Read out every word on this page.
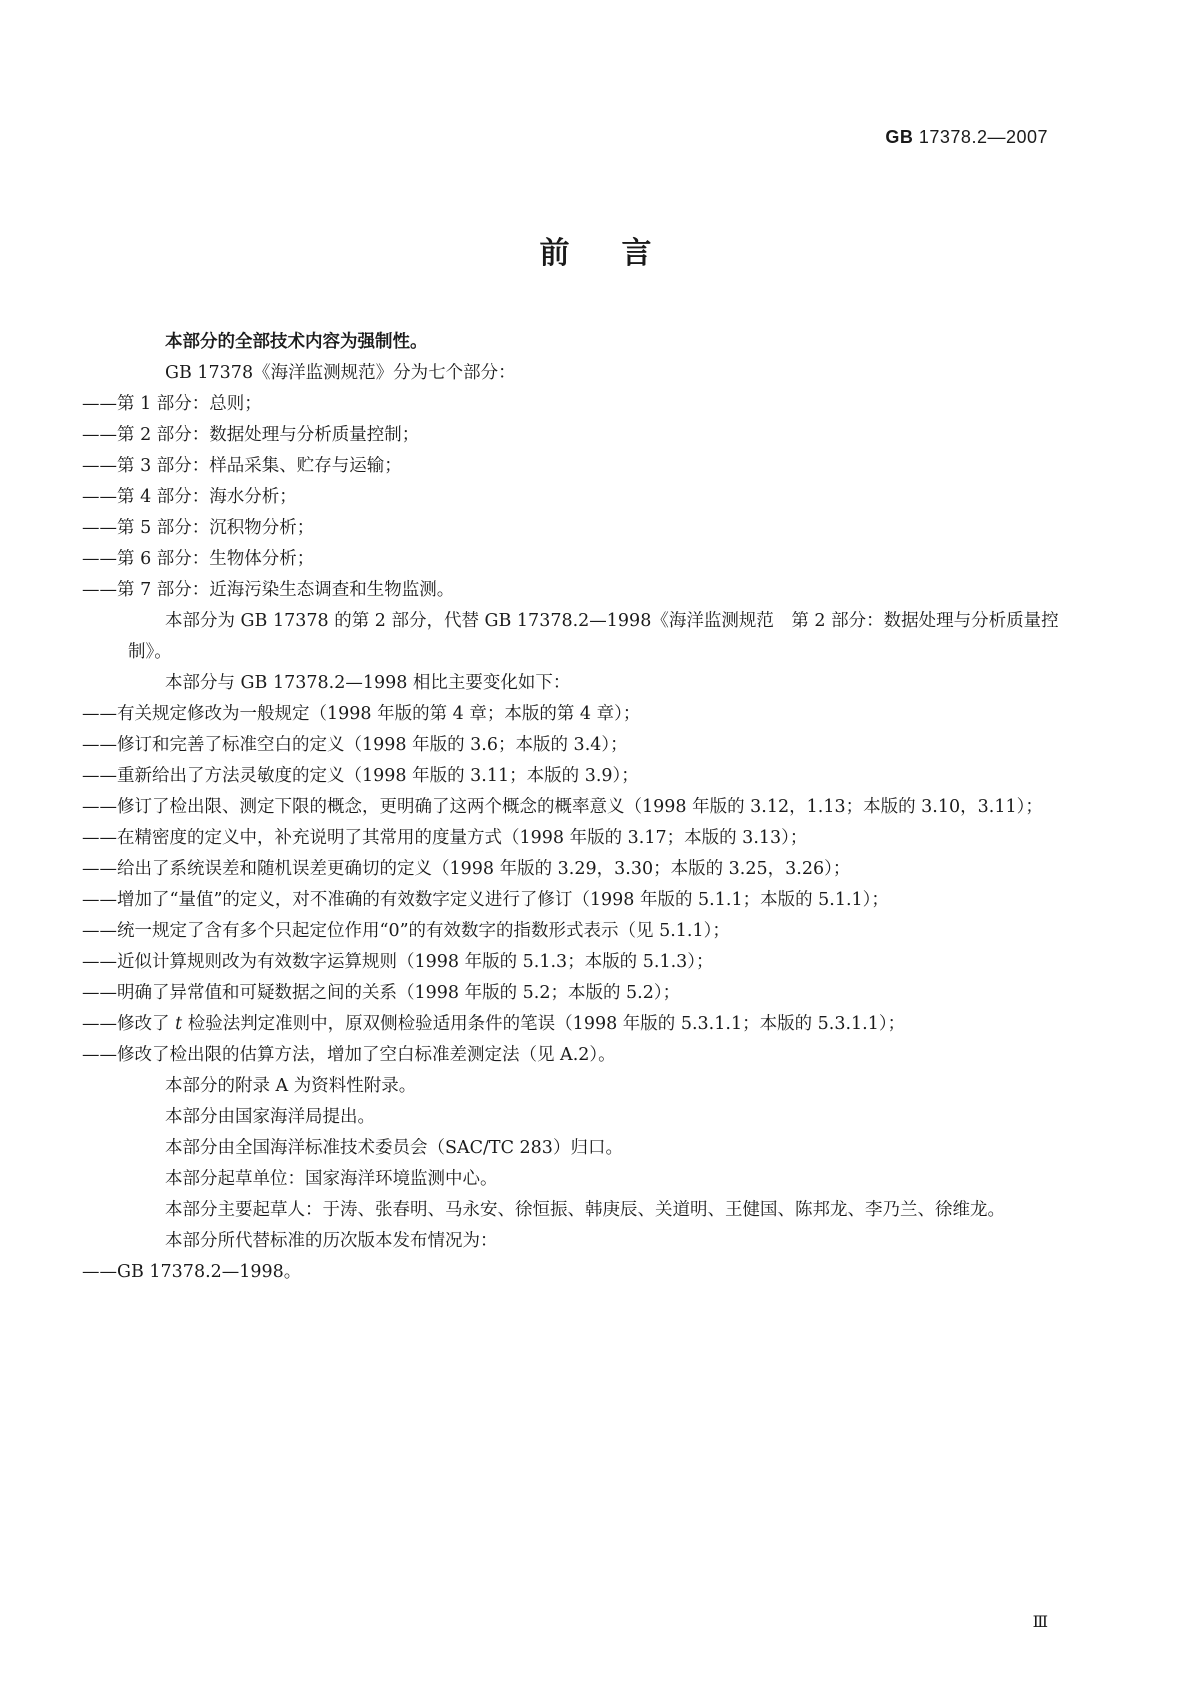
GB 17378.2—2007
前言

本部分的全部技术内容为强制性。

GB 17378《海洋监测规范》分为七个部分：

——第 1 部分：总则；

——第 2 部分：数据处理与分析质量控制；

——第 3 部分：样品采集、贮存与运输；

——第 4 部分：海水分析；

——第 5 部分：沉积物分析；

——第 6 部分：生物体分析；

——第 7 部分：近海污染生态调查和生物监测。

本部分为 GB 17378 的第 2 部分，代替 GB 17378.2—1998《海洋监测规范　第 2 部分：数据处理与分析质量控制》。

本部分与 GB 17378.2—1998 相比主要变化如下：

——有关规定修改为一般规定（1998 年版的第 4 章；本版的第 4 章）；

——修订和完善了标准空白的定义（1998 年版的 3.6；本版的 3.4）；

——重新给出了方法灵敏度的定义（1998 年版的 3.11；本版的 3.9）；

——修订了检出限、测定下限的概念，更明确了这两个概念的概率意义（1998 年版的 3.12，1.13；本版的 3.10，3.11）；

——在精密度的定义中，补充说明了其常用的度量方式（1998 年版的 3.17；本版的 3.13）；

——给出了系统误差和随机误差更确切的定义（1998 年版的 3.29，3.30；本版的 3.25，3.26）；

——增加了“量值”的定义，对不准确的有效数字定义进行了修订（1998 年版的 5.1.1；本版的 5.1.1）；

——统一规定了含有多个只起定位作用“0”的有效数字的指数形式表示（见 5.1.1）；

——近似计算规则改为有效数字运算规则（1998 年版的 5.1.3；本版的 5.1.3）；

——明确了异常值和可疑数据之间的关系（1998 年版的 5.2；本版的 5.2）；

——修改了 t 检验法判定准则中，原双侧检验适用条件的笔误（1998 年版的 5.3.1.1；本版的 5.3.1.1）；

——修改了检出限的估算方法，增加了空白标准差测定法（见 A.2）。

本部分的附录 A 为资料性附录。

本部分由国家海洋局提出。

本部分由全国海洋标准技术委员会（SAC/TC 283）归口。

本部分起草单位：国家海洋环境监测中心。

本部分主要起草人：于涛、张春明、马永安、徐恒振、韩庚辰、关道明、王健国、陈邦龙、李乃兰、徐维龙。

本部分所代替标准的历次版本发布情况为：

——GB 17378.2—1998。

Ⅲ
